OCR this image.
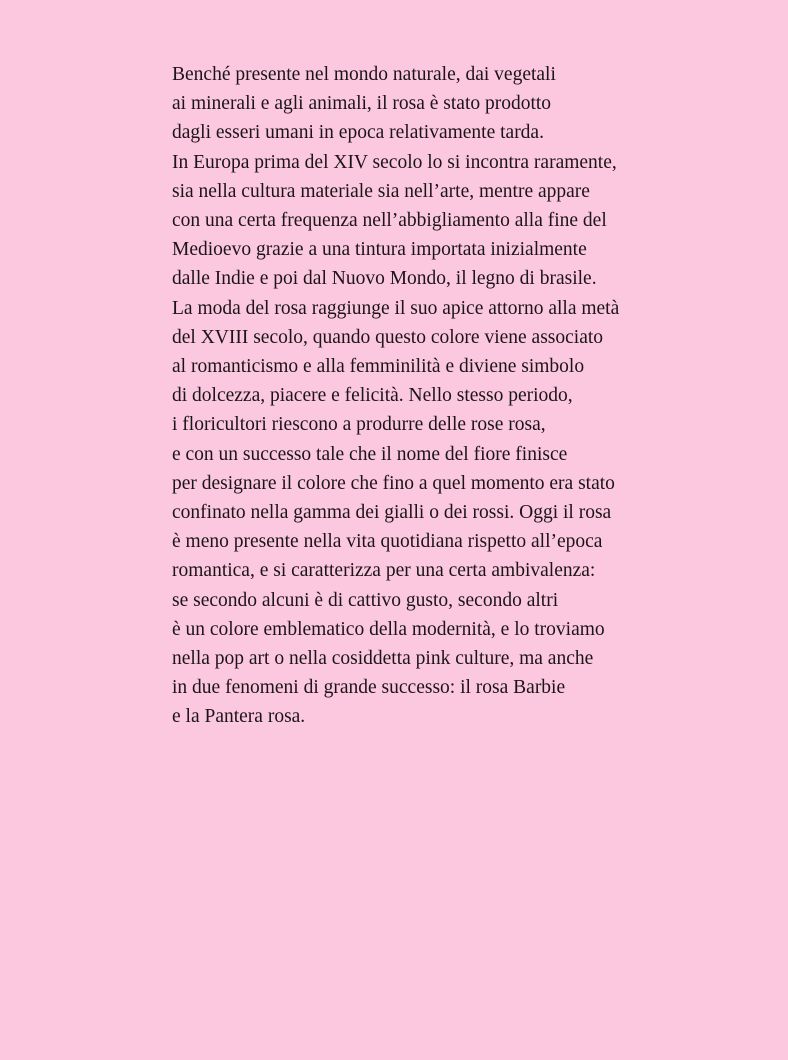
Benché presente nel mondo naturale, dai vegetali
ai minerali e agli animali, il rosa è stato prodotto
dagli esseri umani in epoca relativamente tarda.
In Europa prima del XIV secolo lo si incontra raramente,
sia nella cultura materiale sia nell’arte, mentre appare
con una certa frequenza nell’abbigliamento alla fine del
Medioevo grazie a una tintura importata inizialmente
dalle Indie e poi dal Nuovo Mondo, il legno di brasile.
La moda del rosa raggiunge il suo apice attorno alla metà
del XVIII secolo, quando questo colore viene associato
al romanticismo e alla femminilità e diviene simbolo
di dolcezza, piacere e felicità. Nello stesso periodo,
i floricultori riescono a produrre delle rose rosa,
e con un successo tale che il nome del fiore finisce
per designare il colore che fino a quel momento era stato
confinato nella gamma dei gialli o dei rossi. Oggi il rosa
è meno presente nella vita quotidiana rispetto all’epoca
romantica, e si caratterizza per una certa ambivalenza:
se secondo alcuni è di cattivo gusto, secondo altri
è un colore emblematico della modernità, e lo troviamo
nella pop art o nella cosiddetta pink culture, ma anche
in due fenomeni di grande successo: il rosa Barbie
e la Pantera rosa.
